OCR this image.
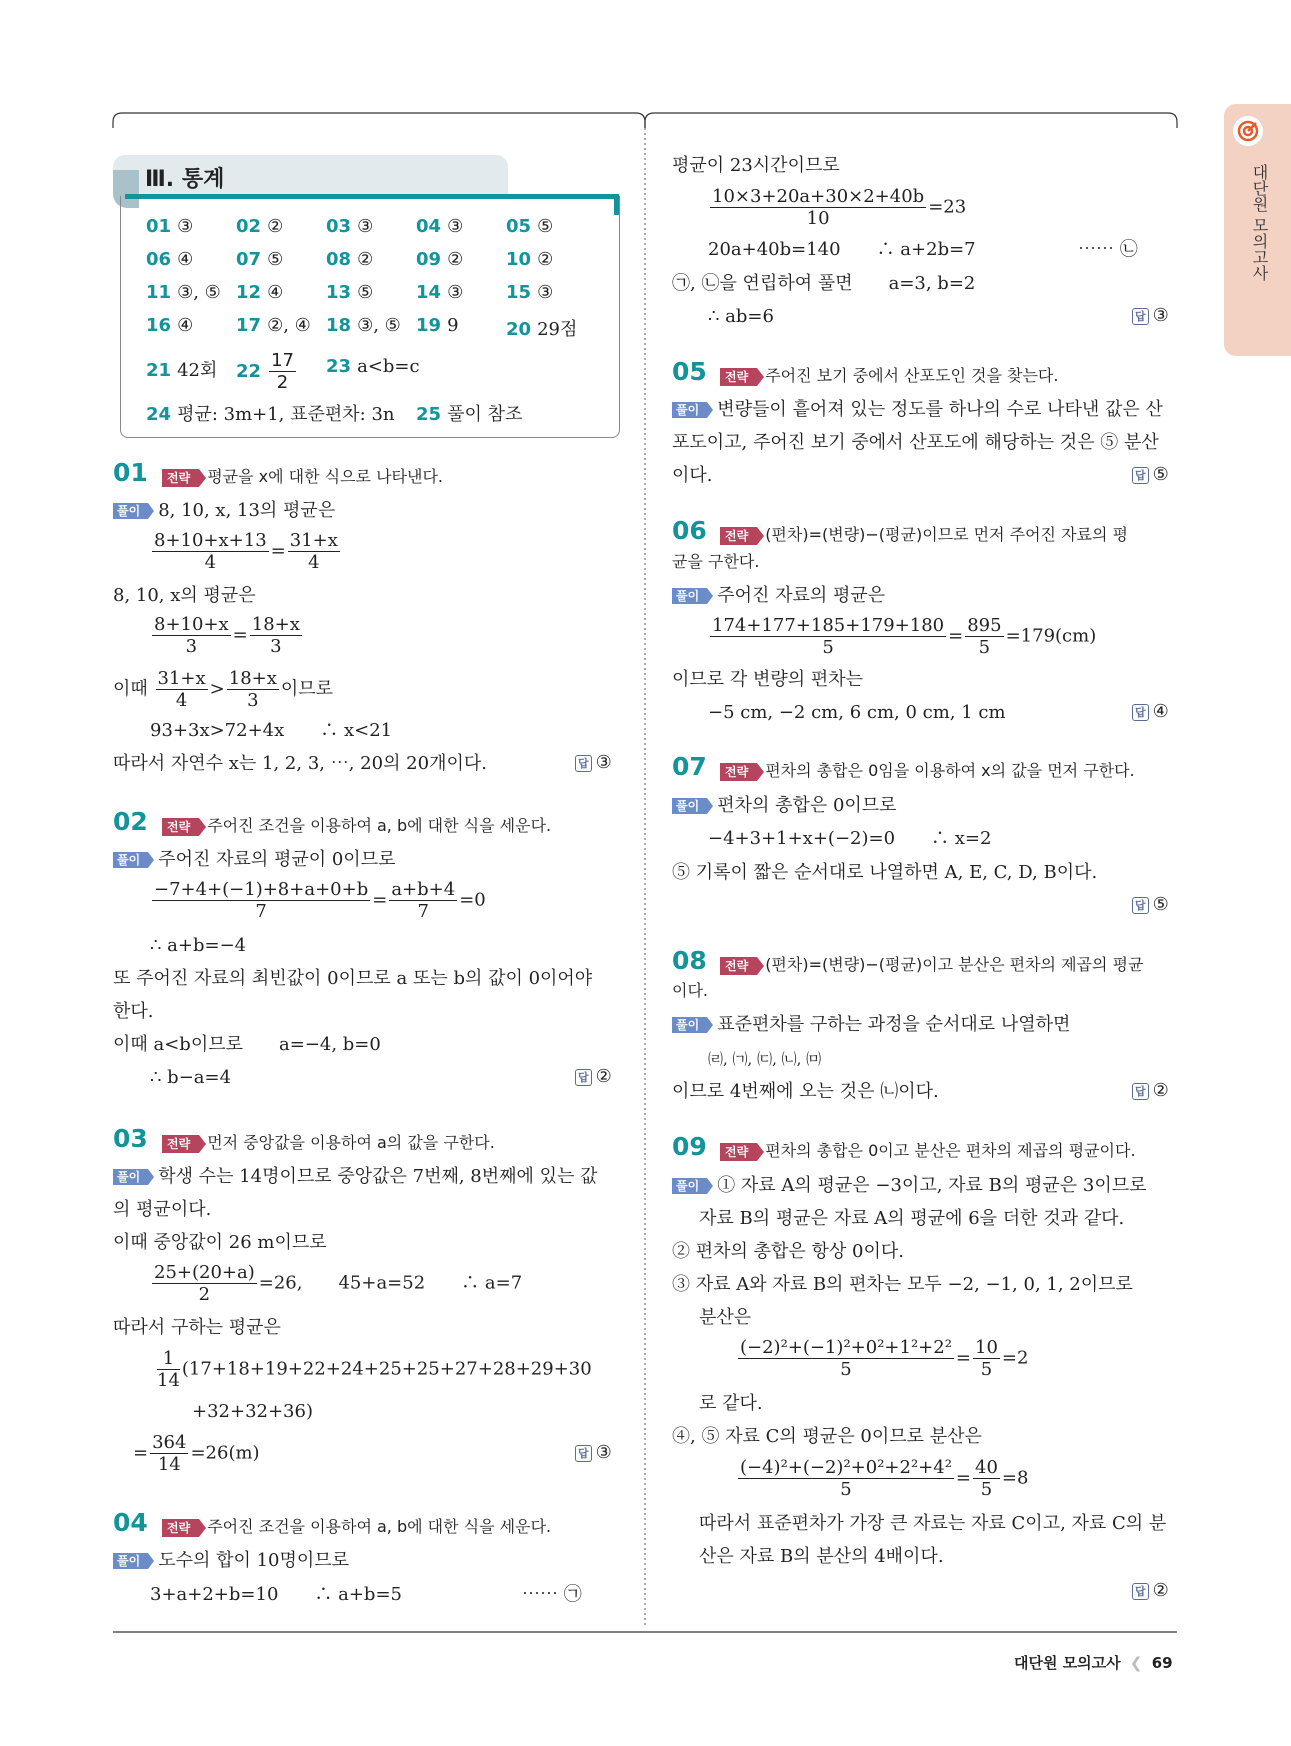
대단원 모의고사
Ⅲ. 통계
01 ③ 02 ② 03 ③ 04 ③ 05 ⑤
06 ④ 07 ⑤ 08 ② 09 ② 10 ②
11 ③, ⑤ 12 ④ 13 ⑤ 14 ③ 15 ③
16 ④ 17 ②, ④ 18 ③, ⑤ 19 9	20 29점
21 42회 $22 \frac{17}{2} 23$ a<b=c
24 평균: 3m+1, 표준편차: 3n 25 풀이 참조
01	전략 평균을 x에 대한 식으로 나타낸다.
풀이 8, 10, x, 13의 평균은
$\frac{8+10+x+13}{4} = \frac{31+x}{4}$
8, 10, x의 평균은
$\frac{8+10+x}{3} = \frac{18+x}{3}$
이때 $\frac{31+x}{4} > \frac{18+x}{3}$ 이므로
93+3x>72+4x　　∴ x<21
따라서 자연수 x는 1, 2, 3, ⋯, 20의 20개이다.	답 ③
02	전략 주어진 조건을 이용하여 a, b에 대한 식을 세운다.
풀이 주어진 자료의 평균이 0이므로
$\frac{-7+4+(-1)+8+a+0+b}{7} = \frac{a+b+4}{7} =0$
∴ a+b=−4
또 주어진 자료의 최빈값이 0이므로 a 또는 b의 값이 0이어야
한다.
이때 a<b이므로　　a=−4, b=0
∴ b−a=4	답 ②
03	전략 먼저 중앙값을 이용하여 a의 값을 구한다.
풀이 학생 수는 14명이므로 중앙값은 7번째, 8번째에 있는 값
의 평균이다.
이때 중앙값이 26 m이므로
$\frac{25+(20+a)}{2} =26$,　　45+a=52　　∴ a=7
따라서 구하는 평균은
$\frac{1}{14} (17+18+19+22+24+25+25+27+28+29+30$
+32+32+36)
= $\frac{364}{14} =26(m)$	답 ③
04	전략 주어진 조건을 이용하여 a, b에 대한 식을 세운다.
풀이 도수의 합이 10명이므로
3+a+2+b=10　　∴ a+b=5	⋯⋯ ㉠
평균이 23시간이므로
$\frac{10\times 3+20a+30\times 2+40b}{10} =23$
20a+40b=140　　∴ a+2b=7	⋯⋯ ㉡
㉠, ㉡을 연립하여 풀면　　a=3, b=2
∴ ab=6	답 ③
05	전략 주어진 보기 중에서 산포도인 것을 찾는다.
풀이 변량들이 흩어져 있는 정도를 하나의 수로 나타낸 값은 산
포도이고, 주어진 보기 중에서 산포도에 해당하는 것은 ⑤ 분산
이다.	답 ⑤
06	전략 (편차)=(변량)−(평균)이므로 먼저 주어진 자료의 평
균을 구한다.
풀이 주어진 자료의 평균은
$\frac{174+177+185+179+180}{5} = \frac{895}{5} =179(cm)$
이므로 각 변량의 편차는
−5 cm, −2 cm, 6 cm, 0 cm, 1 cm	답 ④
07	전략 편차의 총합은 0임을 이용하여 x의 값을 먼저 구한다.
풀이 편차의 총합은 0이므로
−4+3+1+x+(−2)=0　　∴ x=2
⑤ 기록이 짧은 순서대로 나열하면 A, E, C, D, B이다.
답 ⑤
08	전략 (편차)=(변량)−(평균)이고 분산은 편차의 제곱의 평균
이다.
풀이 표준편차를 구하는 과정을 순서대로 나열하면
㈃, ㈀, ㈂, ㈁, ㈄
이므로 4번째에 오는 것은 ㈁이다.	답 ②
09	전략 편차의 총합은 0이고 분산은 편차의 제곱의 평균이다.
풀이 ① 자료 A의 평균은 −3이고, 자료 B의 평균은 3이므로
자료 B의 평균은 자료 A의 평균에 6을 더한 것과 같다.
② 편차의 총합은 항상 0이다.
③ 자료 A와 자료 B의 편차는 모두 −2, −1, 0, 1, 2이므로
분산은
$\frac{\text{(−2)²+(−1)²+0²+1²+2²}}{5} = \frac{10}{5} =2$
로 같다.
④, ⑤ 자료 C의 평균은 0이므로 분산은
$\frac{\text{(−4)²+(−2)²+0²+2²+4²}}{5} = \frac{40}{5} =8$
따라서 표준편차가 가장 큰 자료는 자료 C이고, 자료 C의 분
산은 자료 B의 분산의 4배이다.
답 ②
대단원 모의고사 ❮ 69
